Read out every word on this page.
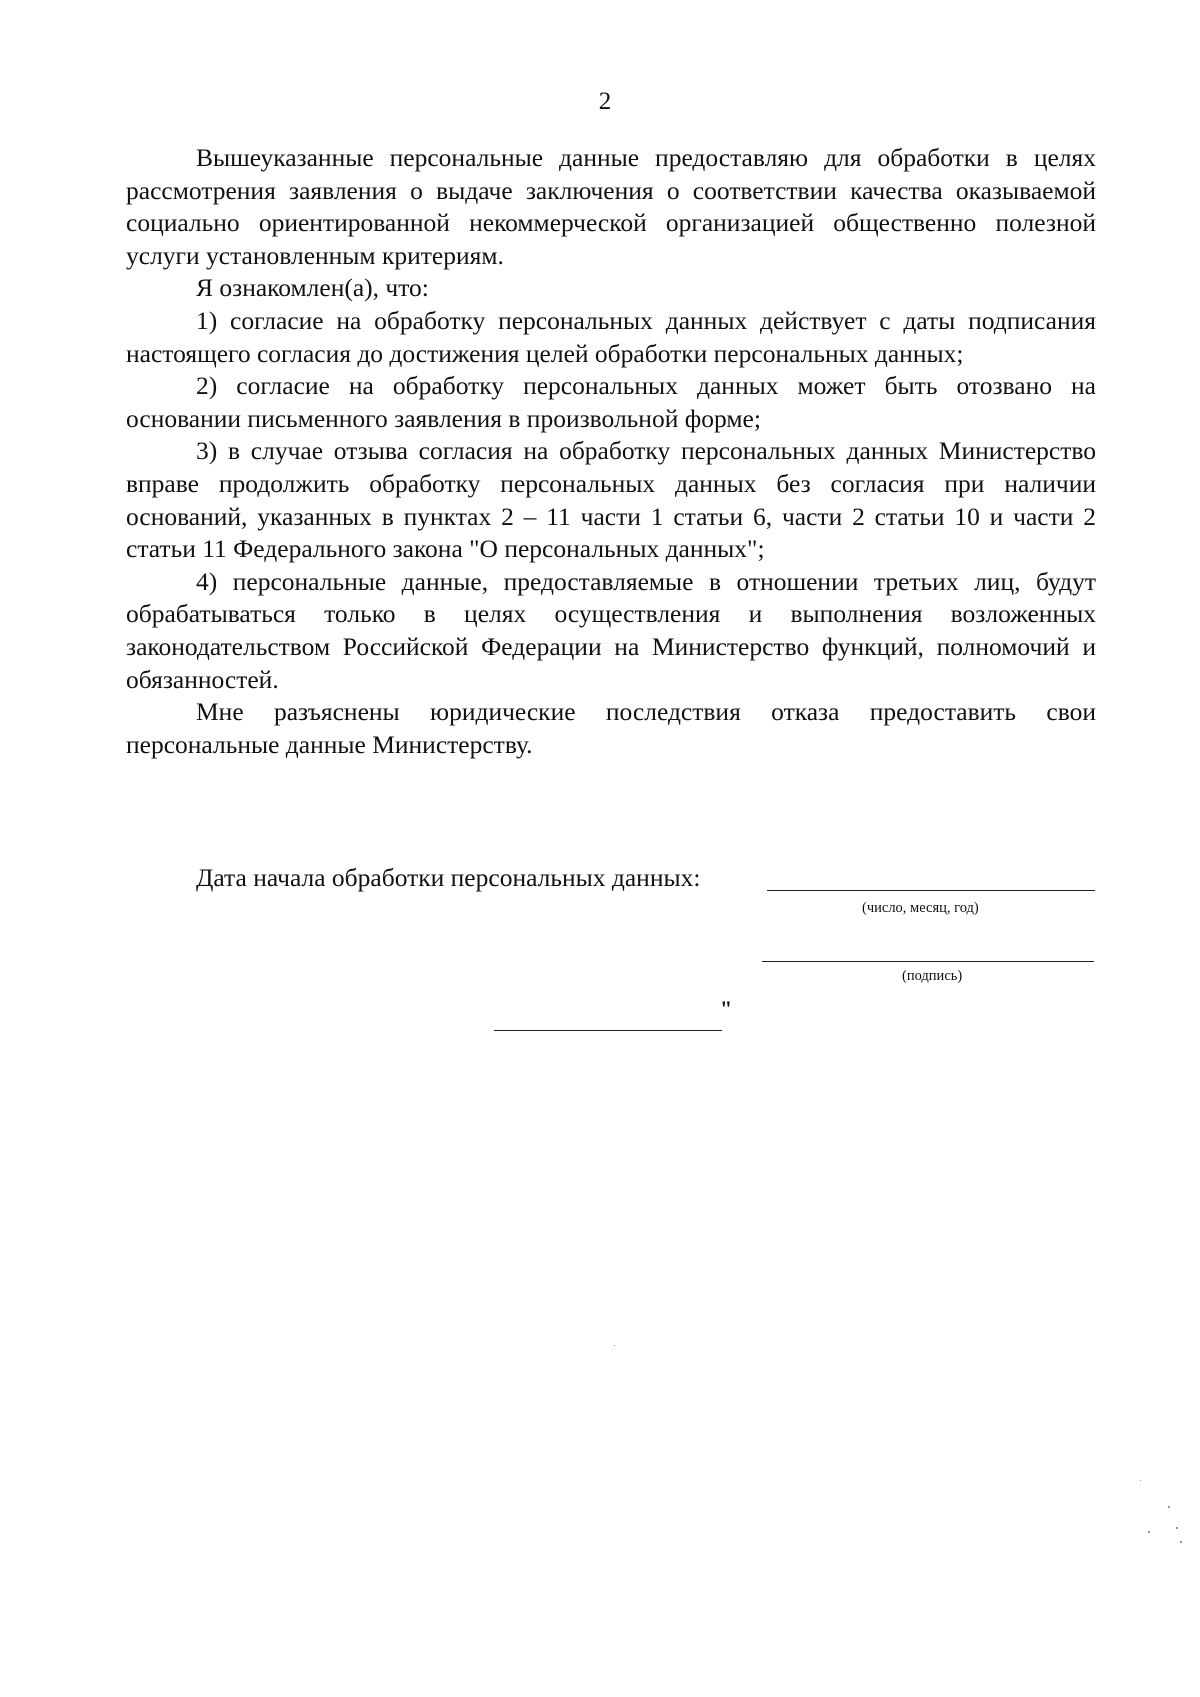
2

Вышеуказанные персональные данные предоставляю для обработки в целях рассмотрения заявления о выдаче заключения о соответствии качества оказываемой социально ориентированной некоммерческой организацией общественно полезной услуги установленным критериям.

Я ознакомлен(а), что:

1) согласие на обработку персональных данных действует с даты подписания настоящего согласия до достижения целей обработки персональных данных;

2) согласие на обработку персональных данных может быть отозвано на основании письменного заявления в произвольной форме;

3) в случае отзыва согласия на обработку персональных данных Министерство вправе продолжить обработку персональных данных без согласия при наличии оснований, указанных в пунктах 2 – 11 части 1 статьи 6, части 2 статьи 10 и части 2 статьи 11 Федерального закона "О персональных данных";

4) персональные данные, предоставляемые в отношении третьих лиц, будут обрабатываться только в целях осуществления и выполнения возложенных законодательством Российской Федерации на Министерство функций, полномочий и обязанностей.

Мне разъяснены юридические последствия отказа предоставить свои персональные данные Министерству.

Дата начала обработки персональных данных:
(число, месяц, год)
(подпись)
"
